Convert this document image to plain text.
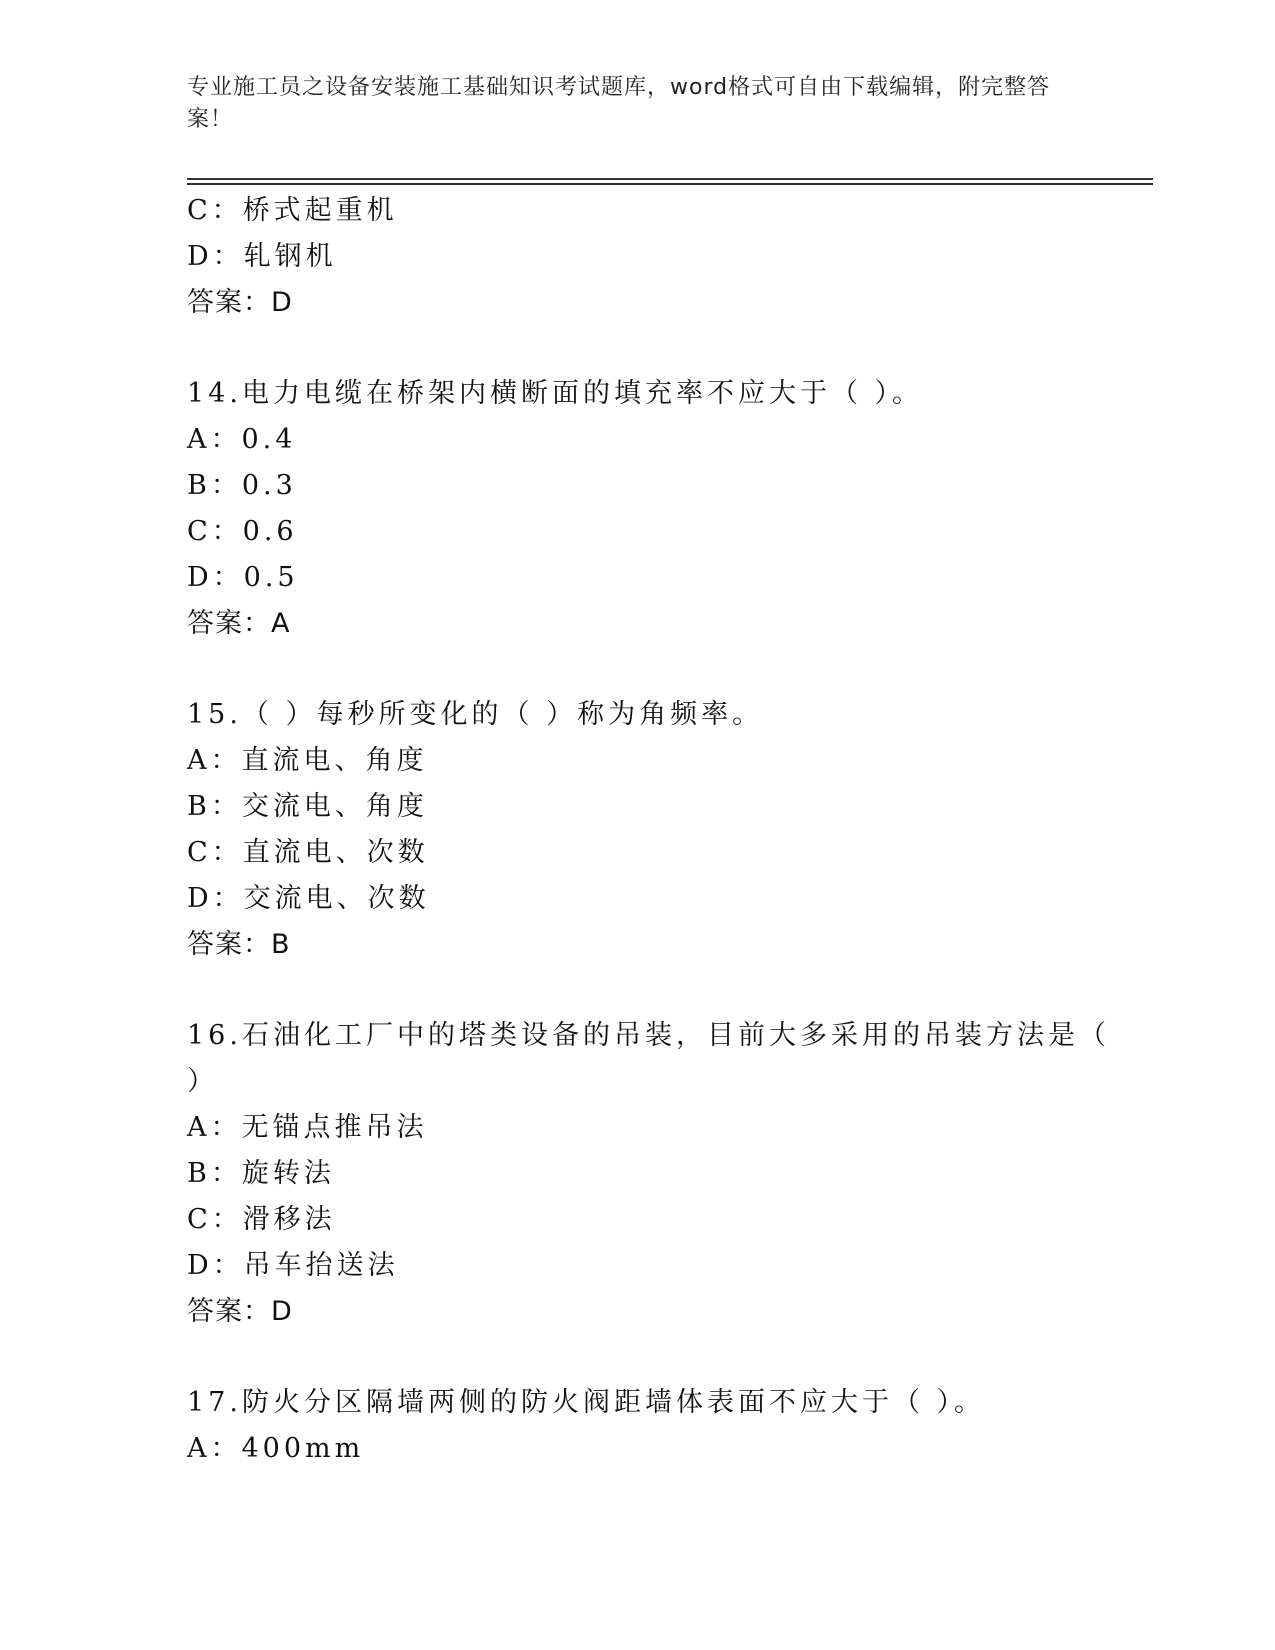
专业施工员之设备安装施工基础知识考试题库，word格式可自由下载编辑，附完整答案！
C：桥式起重机
D：轧钢机
答案：D
14.电力电缆在桥架内横断面的填充率不应大于（ ）。
A：0.4
B：0.3
C：0.6
D：0.5
答案：A
15.（ ）每秒所变化的（ ）称为角频率。
A：直流电、角度
B：交流电、角度
C：直流电、次数
D：交流电、次数
答案：B
16.石油化工厂中的塔类设备的吊装，目前大多采用的吊装方法是（
）
A：无锚点推吊法
B：旋转法
C：滑移法
D：吊车抬送法
答案：D
17.防火分区隔墙两侧的防火阀距墙体表面不应大于（ ）。
A：400mm
